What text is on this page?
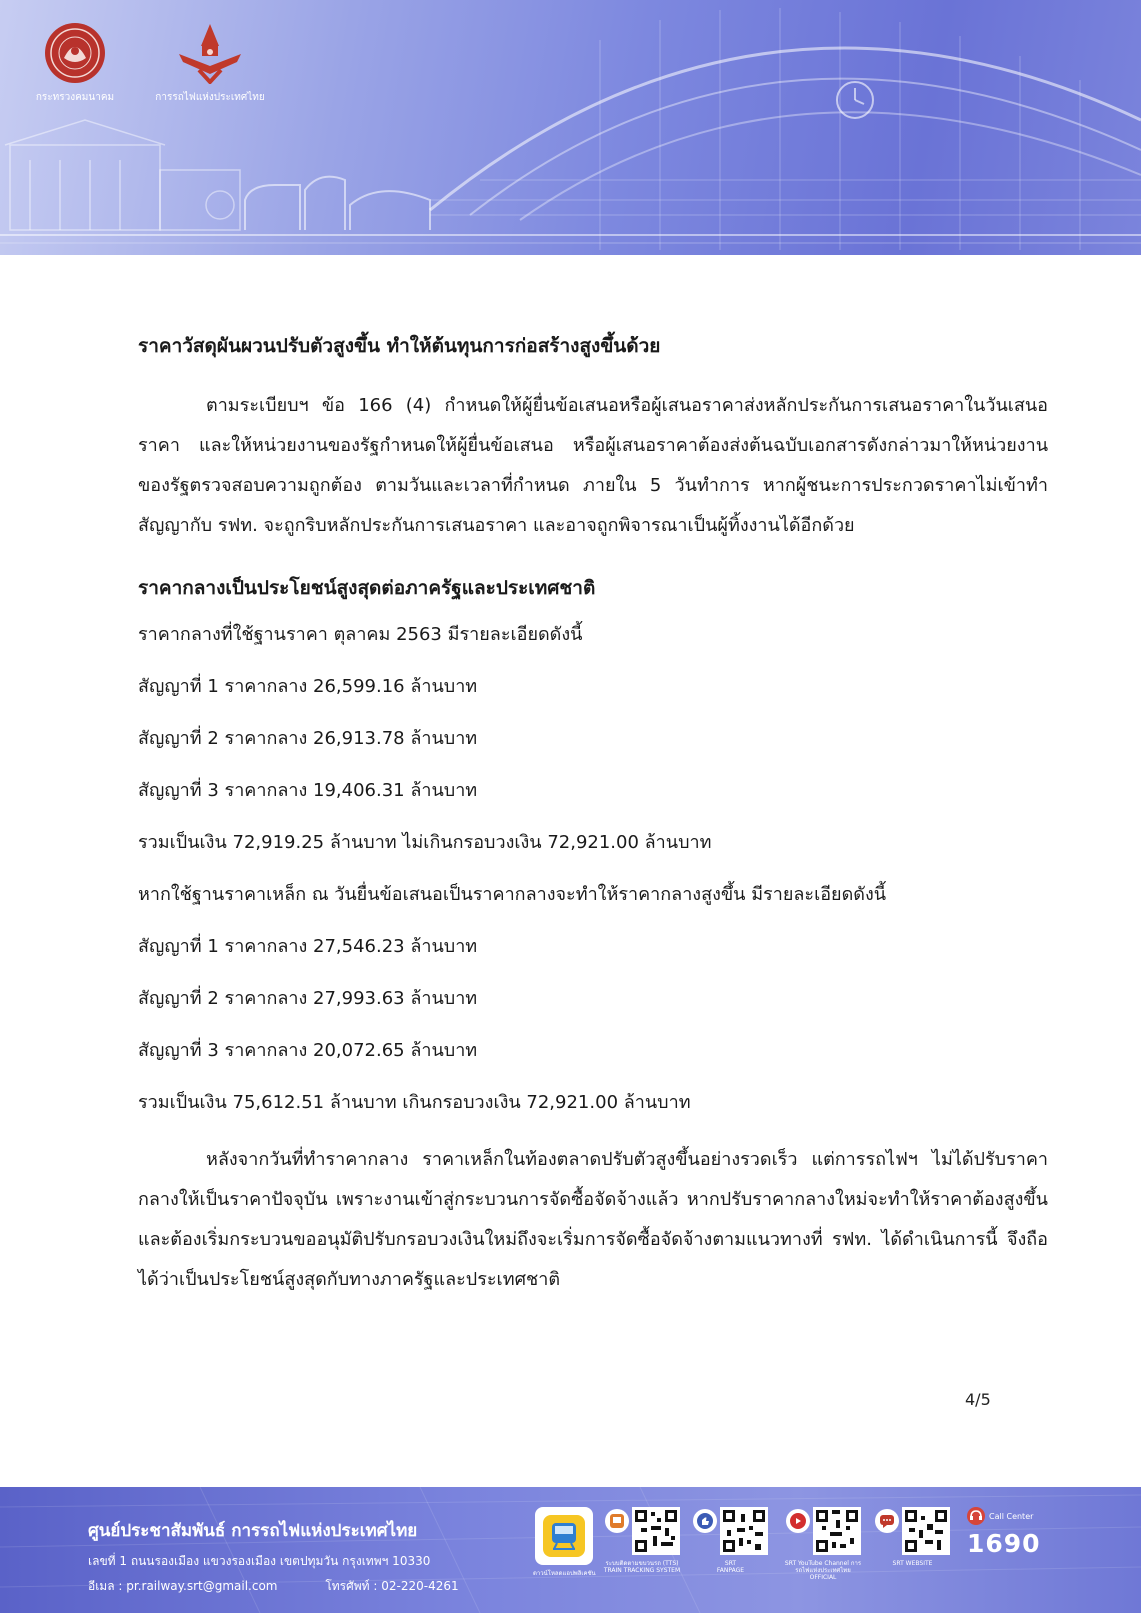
กระทรวงคมนาคม	การรถไฟแห่งประเทศไทย
ราคาวัสดุผันผวนปรับตัวสูงขึ้น ทำให้ต้นทุนการก่อสร้างสูงขึ้นด้วย

ตามระเบียบฯ ข้อ 166 (4) กำหนดให้ผู้ยื่นข้อเสนอหรือผู้เสนอราคาส่งหลักประกันการเสนอราคาในวันเสนอราคา และให้หน่วยงานของรัฐกำหนดให้ผู้ยื่นข้อเสนอ หรือผู้เสนอราคาต้องส่งต้นฉบับเอกสารดังกล่าวมาให้หน่วยงานของรัฐตรวจสอบความถูกต้อง ตามวันและเวลาที่กำหนด ภายใน 5 วันทำการ หากผู้ชนะการประกวดราคาไม่เข้าทำสัญญากับ รฟท. จะถูกริบหลักประกันการเสนอราคา และอาจถูกพิจารณาเป็นผู้ทิ้งงานได้อีกด้วย

ราคากลางเป็นประโยชน์สูงสุดต่อภาครัฐและประเทศชาติ
ราคากลางที่ใช้ฐานราคา ตุลาคม 2563 มีรายละเอียดดังนี้
สัญญาที่ 1 ราคากลาง 26,599.16 ล้านบาท
สัญญาที่ 2 ราคากลาง 26,913.78 ล้านบาท
สัญญาที่ 3 ราคากลาง 19,406.31 ล้านบาท
รวมเป็นเงิน 72,919.25 ล้านบาท ไม่เกินกรอบวงเงิน 72,921.00 ล้านบาท
หากใช้ฐานราคาเหล็ก ณ วันยื่นข้อเสนอเป็นราคากลางจะทำให้ราคากลางสูงขึ้น มีรายละเอียดดังนี้
สัญญาที่ 1 ราคากลาง 27,546.23 ล้านบาท
สัญญาที่ 2 ราคากลาง 27,993.63 ล้านบาท
สัญญาที่ 3 ราคากลาง 20,072.65 ล้านบาท
รวมเป็นเงิน 75,612.51 ล้านบาท เกินกรอบวงเงิน 72,921.00 ล้านบาท

หลังจากวันที่ทำราคากลาง ราคาเหล็กในท้องตลาดปรับตัวสูงขึ้นอย่างรวดเร็ว แต่การรถไฟฯ ไม่ได้ปรับราคากลางให้เป็นราคาปัจจุบัน เพราะงานเข้าสู่กระบวนการจัดซื้อจัดจ้างแล้ว หากปรับราคากลางใหม่จะทำให้ราคาต้องสูงขึ้นและต้องเริ่มกระบวนขออนุมัติปรับกรอบวงเงินใหม่ถึงจะเริ่มการจัดซื้อจัดจ้างตามแนวทางที่ รฟท. ได้ดำเนินการนี้ จึงถือได้ว่าเป็นประโยชน์สูงสุดกับทางภาครัฐและประเทศชาติ

4/5
ศูนย์ประชาสัมพันธ์ การรถไฟแห่งประเทศไทย
เลขที่ 1 ถนนรองเมือง แขวงรองเมือง เขตปทุมวัน กรุงเทพฯ 10330
อีเมล : pr.railway.srt@gmail.com	โทรศัพท์ : 02-220-4261
ดาวน์โหลดแอปพลิเคชัน
ระบบติดตามขบวนรถ (TTS) TRAIN TRACKING SYSTEM
SRT FANPAGE
SRT YouTube Channel การรถไฟแห่งประเทศไทย OFFICIAL
SRT WEBSITE
Call Center
1690
